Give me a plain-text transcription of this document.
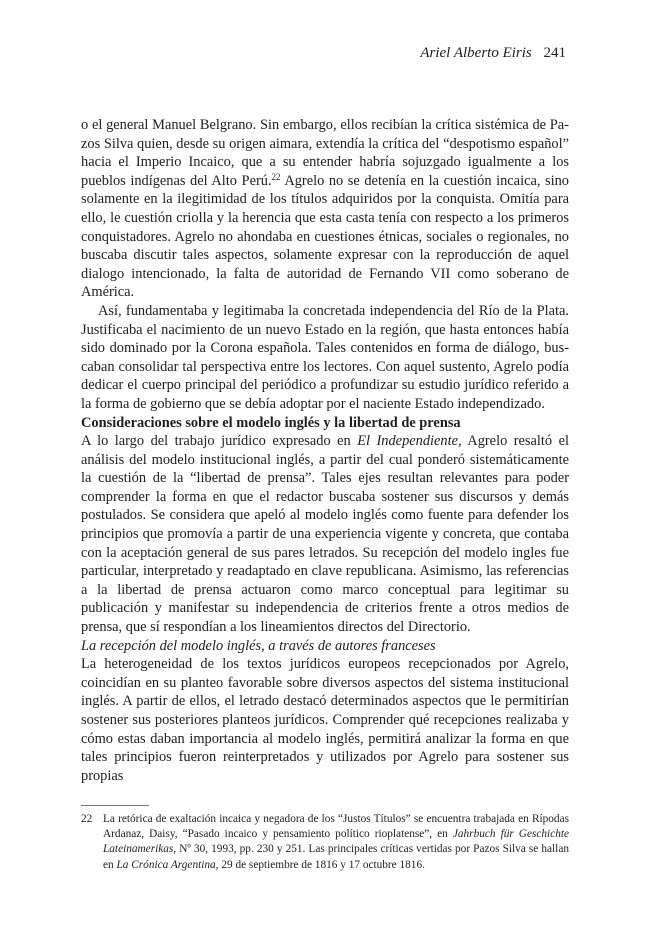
Ariel Alberto Eiris 241

o el general Manuel Belgrano. Sin embargo, ellos recibían la crítica sistémica de Pazos Silva quien, desde su origen aimara, extendía la crítica del “despotismo español” hacia el Imperio Incaico, que a su entender habría sojuzgado igualmente a los pueblos indígenas del Alto Perú.$^{22}$ Agrelo no se detenía en la cuestión incaica, sino solamente en la ilegitimidad de los títulos adquiridos por la conquista. Omitía para ello, le cuestión criolla y la herencia que esta casta tenía con respecto a los primeros conquistadores. Agrelo no ahondaba en cuestiones étnicas, sociales o regionales, no buscaba discutir tales aspectos, solamente expresar con la reproducción de aquel dialogo intencionado, la falta de autoridad de Fernando VII como soberano de América.

Así, fundamentaba y legitimaba la concretada independencia del Río de la Plata. Justificaba el nacimiento de un nuevo Estado en la región, que hasta entonces había sido dominado por la Corona española. Tales contenidos en forma de diálogo, buscaban consolidar tal perspectiva entre los lectores. Con aquel sustento, Agrelo podía dedicar el cuerpo principal del periódico a profundizar su estudio jurídico referido a la forma de gobierno que se debía adoptar por el naciente Estado independizado.

Consideraciones sobre el modelo inglés y la libertad de prensa

A lo largo del trabajo jurídico expresado en El Independiente, Agrelo resaltó el análisis del modelo institucional inglés, a partir del cual ponderó sistemáticamente la cuestión de la “libertad de prensa”. Tales ejes resultan relevantes para poder comprender la forma en que el redactor buscaba sostener sus discursos y demás postulados. Se considera que apeló al modelo inglés como fuente para defender los principios que promovía a partir de una experiencia vigente y concreta, que contaba con la aceptación general de sus pares letrados. Su recepción del modelo ingles fue particular, interpretado y readaptado en clave republicana. Asimismo, las referencias a la libertad de prensa actuaron como marco conceptual para legitimar su publicación y manifestar su independencia de criterios frente a otros medios de prensa, que sí respondían a los lineamientos directos del Directorio.

La recepción del modelo inglés, a través de autores franceses

La heterogeneidad de los textos jurídicos europeos recepcionados por Agrelo, coincidían en su planteo favorable sobre diversos aspectos del sistema institucional inglés. A partir de ellos, el letrado destacó determinados aspectos que le permitirían sostener sus posteriores planteos jurídicos. Comprender qué recepciones realizaba y cómo estas daban importancia al modelo inglés, permitirá analizar la forma en que tales principios fueron reinterpretados y utilizados por Agrelo para sostener sus propias

22 La retórica de exaltación incaica y negadora de los “Justos Títulos” se encuentra trabajada en Rípodas Ardanaz, Daisy, “Pasado incaico y pensamiento político rioplatense”, en Jahrbuch für Geschichte Lateinamerikas, Nº 30, 1993, pp. 230 y 251. Las principales críticas vertidas por Pazos Silva se hallan en La Crónica Argentina, 29 de septiembre de 1816 y 17 octubre 1816.
